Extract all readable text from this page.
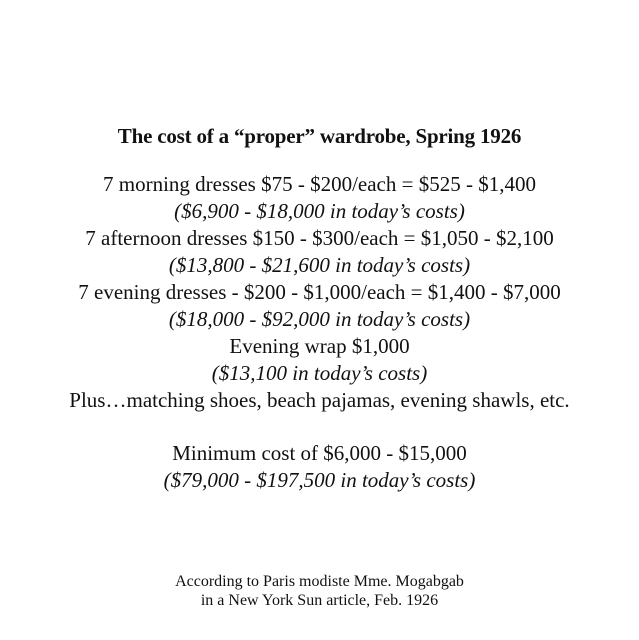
The cost of a “proper” wardrobe, Spring 1926
7 morning dresses $75 - $200/each = $525 - $1,400
($6,900 - $18,000 in today’s costs)
7 afternoon dresses $150 - $300/each = $1,050 - $2,100
($13,800 - $21,600 in today’s costs)
7 evening dresses - $200 - $1,000/each = $1,400 - $7,000
($18,000 - $92,000 in today’s costs)
Evening wrap $1,000
($13,100 in today’s costs)
Plus…matching shoes, beach pajamas, evening shawls, etc.
Minimum cost of $6,000 - $15,000
($79,000 - $197,500 in today’s costs)
According to Paris modiste Mme. Mogabgab
in a New York Sun article, Feb. 1926
